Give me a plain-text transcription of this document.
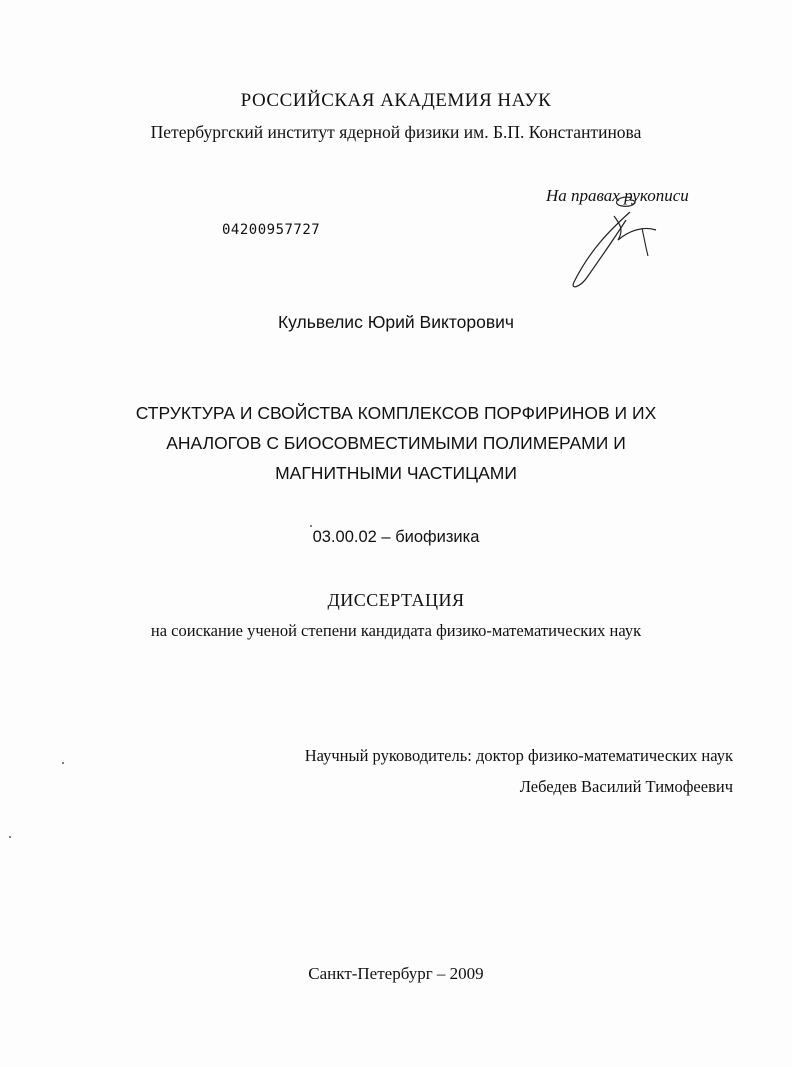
РОССИЙСКАЯ АКАДЕМИЯ НАУК
Петербургский институт ядерной физики им. Б.П. Константинова
На правах рукописи
04200957727
Кульвелис Юрий Викторович
СТРУКТУРА И СВОЙСТВА КОМПЛЕКСОВ ПОРФИРИНОВ И ИХ
АНАЛОГОВ С БИОСОВМЕСТИМЫМИ ПОЛИМЕРАМИ И
МАГНИТНЫМИ ЧАСТИЦАМИ
03.00.02 – биофизика
ДИССЕРТАЦИЯ
на соискание ученой степени кандидата физико-математических наук
Научный руководитель: доктор физико-математических наук
Лебедев Василий Тимофеевич
Санкт-Петербург – 2009
